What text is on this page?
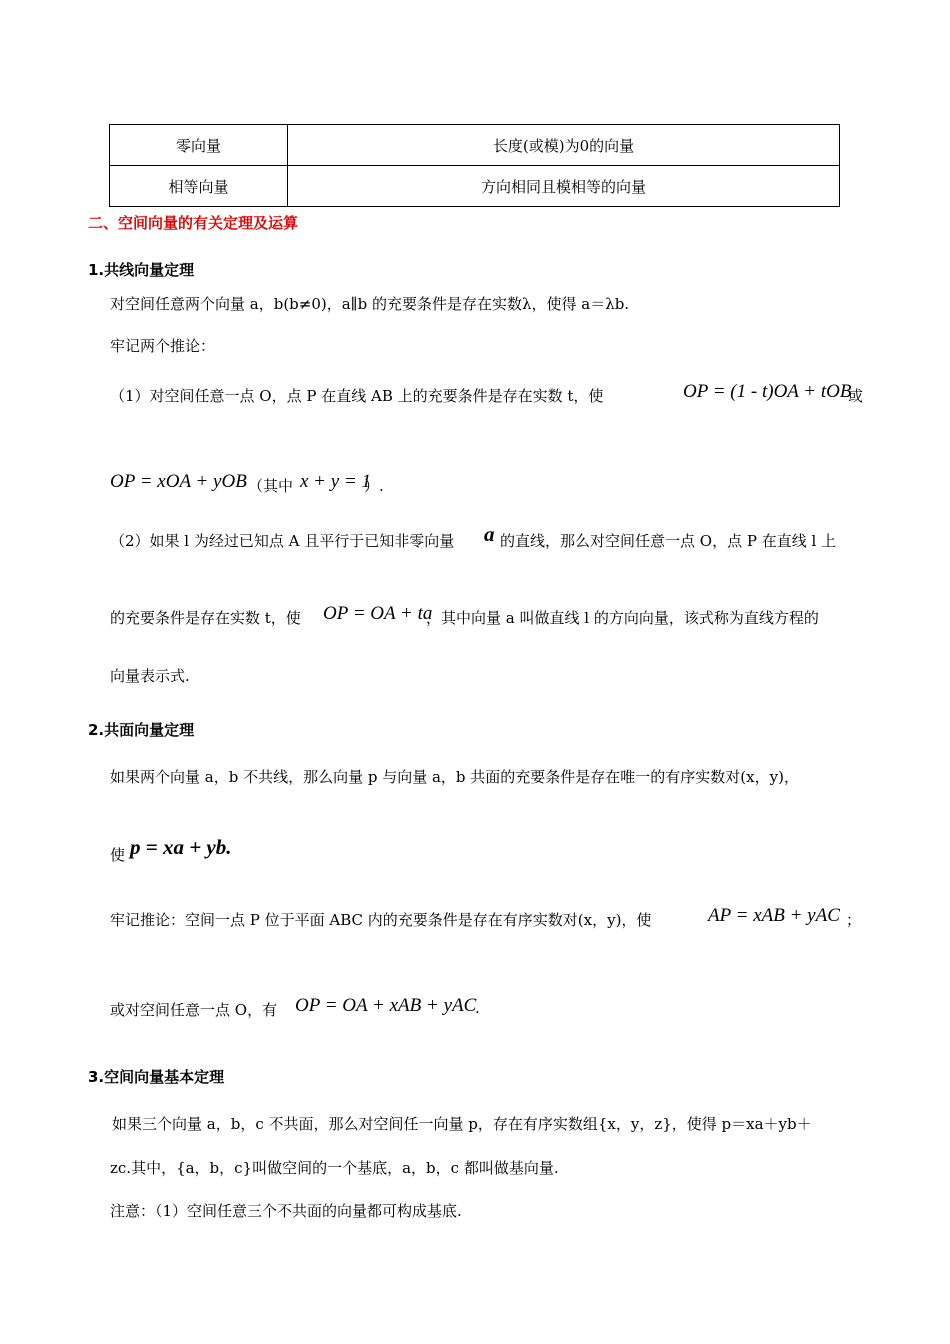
零向量	长度(或模)为0的向量
相等向量	方向相同且模相等的向量
二、空间向量的有关定理及运算
1.共线向量定理
对空间任意两个向量 a，b(b≠0)，a∥b 的充要条件是存在实数λ，使得 a＝λb.
牢记两个推论：
（1）对空间任意一点 O，点 P 在直线 AB 上的充要条件是存在实数 t，使	OP = (1 - t)OA + tOB
或
OP = xOA + yOB （其中 x + y = 1
）.
（2）如果 l 为经过已知点 A 且平行于已知非零向量 a 的直线，那么对空间任意一点 O，点 P 在直线 l 上
的充要条件是存在实数 t，使 OP = OA + ta
，其中向量 a 叫做直线 l 的方向向量，该式称为直线方程的
向量表示式.
2.共面向量定理
如果两个向量 a，b 不共线，那么向量 p 与向量 a，b 共面的充要条件是存在唯一的有序实数对(x，y)，
使 p = xa + yb.
牢记推论：空间一点 P 位于平面 ABC 内的充要条件是存在有序实数对(x，y)，使	AP = xAB + yAC ；
或对空间任意一点 O，有 OP = OA + xAB + yAC
.
3.空间向量基本定理
如果三个向量 a，b，c 不共面，那么对空间任一向量 p，存在有序实数组{x，y，z}，使得 p＝xa＋yb＋
zc.其中，{a，b，c}叫做空间的一个基底，a，b，c 都叫做基向量.
注意：（1）空间任意三个不共面的向量都可构成基底.
